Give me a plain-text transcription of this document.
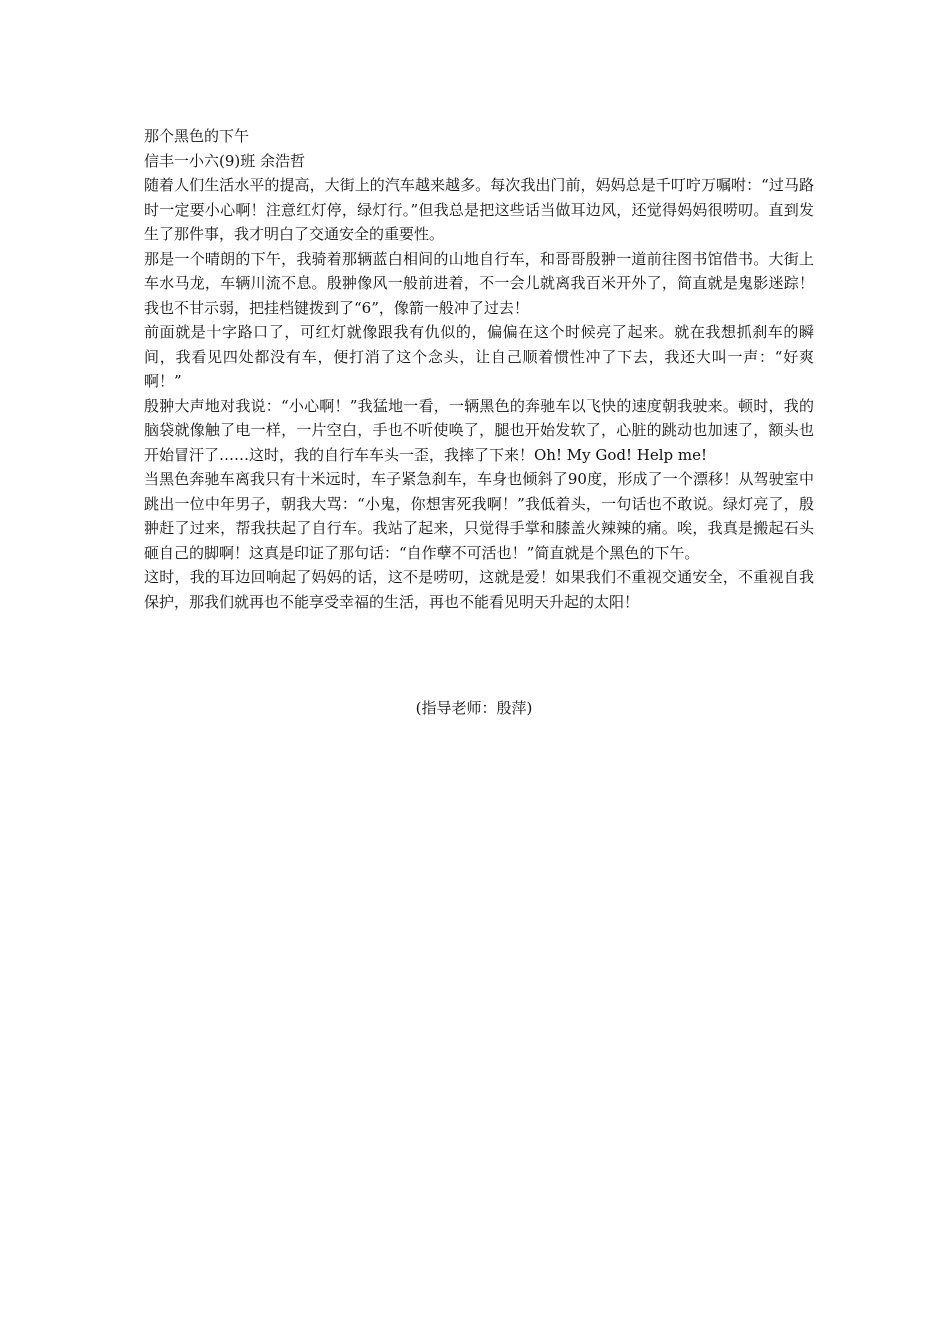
那个黑色的下午

信丰一小六(9)班 余浩哲

随着人们生活水平的提高，大街上的汽车越来越多。每次我出门前，妈妈总是千叮咛万嘱咐：“过马路时一定要小心啊！注意红灯停，绿灯行。”但我总是把这些话当做耳边风，还觉得妈妈很唠叨。直到发生了那件事，我才明白了交通安全的重要性。

那是一个晴朗的下午，我骑着那辆蓝白相间的山地自行车，和哥哥殷翀一道前往图书馆借书。大街上车水马龙，车辆川流不息。殷翀像风一般前进着，不一会儿就离我百米开外了，简直就是鬼影迷踪！我也不甘示弱，把挂档键拨到了“6”，像箭一般冲了过去！

前面就是十字路口了，可红灯就像跟我有仇似的，偏偏在这个时候亮了起来。就在我想抓刹车的瞬间，我看见四处都没有车，便打消了这个念头，让自己顺着惯性冲了下去，我还大叫一声：“好爽啊！”

殷翀大声地对我说：“小心啊！”我猛地一看，一辆黑色的奔驰车以飞快的速度朝我驶来。顿时，我的脑袋就像触了电一样，一片空白，手也不听使唤了，腿也开始发软了，心脏的跳动也加速了，额头也开始冒汗了……这时，我的自行车车头一歪，我摔了下来！Oh! My God! Help me!

当黑色奔驰车离我只有十米远时，车子紧急刹车，车身也倾斜了90度，形成了一个漂移！从驾驶室中跳出一位中年男子，朝我大骂：“小鬼，你想害死我啊！”我低着头，一句话也不敢说。绿灯亮了，殷翀赶了过来，帮我扶起了自行车。我站了起来，只觉得手掌和膝盖火辣辣的痛。唉，我真是搬起石头砸自己的脚啊！这真是印证了那句话：“自作孽不可活也！”简直就是个黑色的下午。

这时，我的耳边回响起了妈妈的话，这不是唠叨，这就是爱！如果我们不重视交通安全，不重视自我保护，那我们就再也不能享受幸福的生活，再也不能看见明天升起的太阳！

(指导老师：殷萍)
